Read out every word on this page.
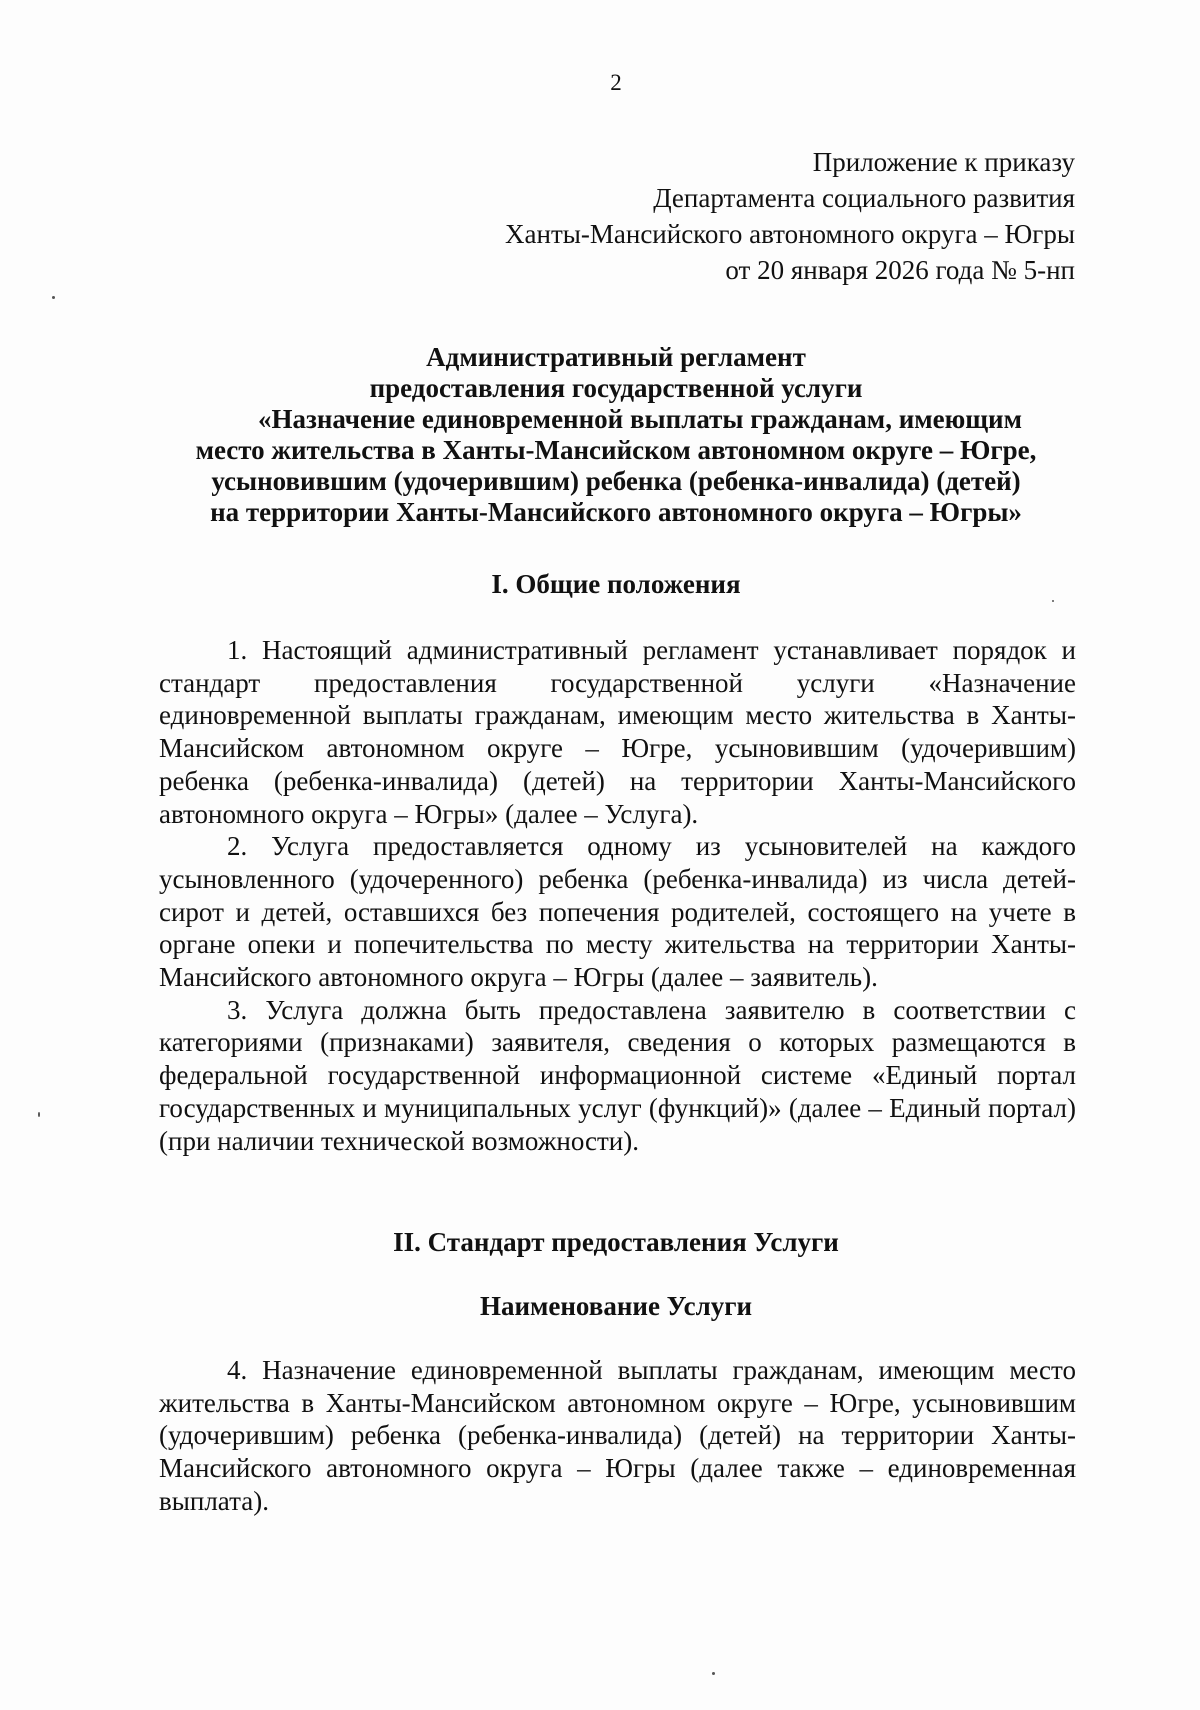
2
Приложение к приказу
Департамента социального развития
Ханты-Мансийского автономного округа – Югры
от 20 января 2026 года № 5-нп
Административный регламент
предоставления государственной услуги
«Назначение единовременной выплаты гражданам, имеющим
место жительства в Ханты-Мансийском автономном округе – Югре,
усыновившим (удочерившим) ребенка (ребенка-инвалида) (детей)
на территории Ханты-Мансийского автономного округа – Югры»
I. Общие положения

1. Настоящий административный регламент устанавливает порядок и стандарт предоставления государственной услуги «Назначение единовременной выплаты гражданам, имеющим место жительства в Ханты-Мансийском автономном округе – Югре, усыновившим (удочерившим) ребенка (ребенка-инвалида) (детей) на территории Ханты-Мансийского автономного округа – Югры» (далее – Услуга).

2. Услуга предоставляется одному из усыновителей на каждого усыновленного (удочеренного) ребенка (ребенка-инвалида) из числа детей-сирот и детей, оставшихся без попечения родителей, состоящего на учете в органе опеки и попечительства по месту жительства на территории Ханты-Мансийского автономного округа – Югры (далее – заявитель).

3. Услуга должна быть предоставлена заявителю в соответствии с категориями (признаками) заявителя, сведения о которых размещаются в федеральной государственной информационной системе «Единый портал государственных и муниципальных услуг (функций)» (далее – Единый портал) (при наличии технической возможности).

II. Стандарт предоставления Услуги
Наименование Услуги

4. Назначение единовременной выплаты гражданам, имеющим место жительства в Ханты-Мансийском автономном округе – Югре, усыновившим (удочерившим) ребенка (ребенка-инвалида) (детей) на территории Ханты-Мансийского автономного округа – Югры (далее также – единовременная выплата).
